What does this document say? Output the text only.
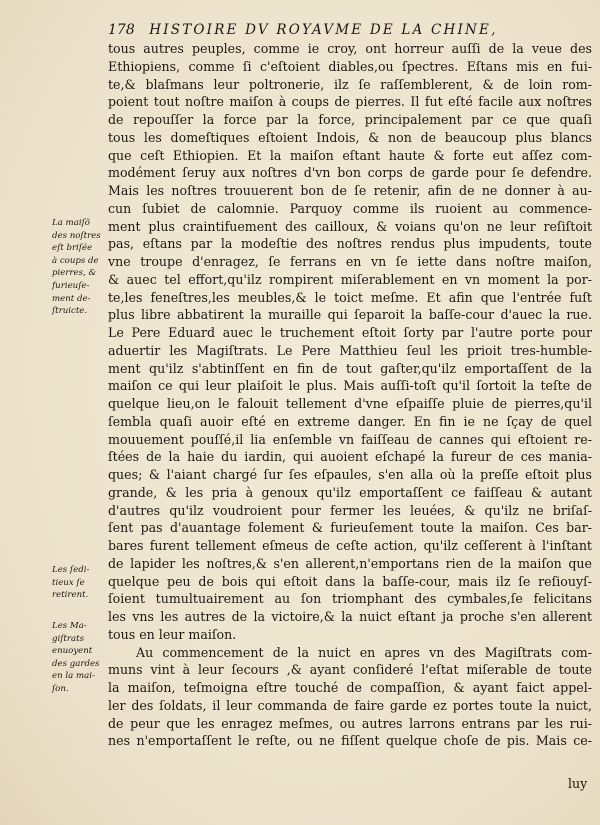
178 HISTOIRE DV ROYAVME DE LA CHINE,
tous autres peuples, comme ie croy, ont horreur auſſi de la veue des
Ethiopiens, comme ſi c'eſtoient diables,ou ſpectres. Eſtans mis en fui-
te,& blaſmans leur poltronerie, ilz ſe raſſemblerent, & de loin rom-
poient tout noſtre maiſon à coups de pierres. Il fut eſté facile aux noſtres
de repouſſer la force par la force, principalement par ce que quaſi
tous les domeſtiques eſtoient Indois, & non de beaucoup plus blancs
que ceſt Ethiopien. Et la maiſon eſtant haute & forte eut aſſez com-
modément ſeruy aux noſtres d'vn bon corps de garde pour ſe defendre.
Mais les noſtres trouuerent bon de ſe retenir, afin de ne donner à au-
cun ſubiet de calomnie. Parquoy comme ils ruoient au commence-
ment plus craintifuement des cailloux, & voians qu'on ne leur reſiſtoit
pas, eſtans par la modeſtie des noſtres rendus plus impudents, toute
vne troupe d'enragez, ſe ferrans en vn ſe iette dans noſtre maiſon,
& auec tel effort,qu'ilz rompirent miſerablement en vn moment la por-
te,les feneſtres,les meubles,& le toict meſme. Et afin que l'entrée fuſt
plus libre abbatirent la muraille qui ſeparoit la baſſe-cour d'auec la rue.
Le Pere Eduard auec le truchement eſtoit ſorty par l'autre porte pour
aduertir les Magiſtrats. Le Pere Matthieu ſeul les prioit tres-humble-
ment qu'ilz s'abtinſſent en fin de tout gaſter,qu'ilz emportaſſent de la
maiſon ce qui leur plaiſoit le plus. Mais auſſi-toſt qu'il ſortoit la teſte de
quelque lieu,on le falouit tellement d'vne eſpaiſſe pluie de pierres,qu'il
ſembla quaſi auoir eſté en extreme danger. En fin ie ne ſçay de quel
mouuement pouſſé,il lia enſemble vn faiſſeau de cannes qui eſtoient re-
ſtées de la haie du iardin, qui auoient eſchapé la fureur de ces mania-
ques; & l'aiant chargé ſur ſes eſpaules, s'en alla où la preſſe eſtoit plus
grande, & les pria à genoux qu'ilz emportaſſent ce faiſſeau & autant
d'autres qu'ilz voudroient pour fermer les leuées, & qu'ilz ne briſaſ-
ſent pas d'auantage folement & furieuſement toute la maiſon. Ces bar-
bares furent tellement eſmeus de ceſte action, qu'ilz ceſſerent à l'inſtant
de lapider les noſtres,& s'en allerent,n'emportans rien de la maiſon que
quelque peu de bois qui eſtoit dans la baſſe-cour, mais ilz ſe reſiouyſ-
ſoient tumultuairement au ſon triomphant des cymbales,ſe felicitans
les vns les autres de la victoire,& la nuict eſtant ja proche s'en allerent
tous en leur maiſon.
Au commencement de la nuict en apres vn des Magiſtrats com-
muns vint à leur ſecours ,& ayant conſideré l'eſtat miſerable de toute
la maiſon, teſmoigna eſtre touché de compaſſion, & ayant faict appel-
ler des ſoldats, il leur commanda de faire garde ez portes toute la nuict,
de peur que les enragez meſmes, ou autres larrons entrans par les rui-
nes n'emportaſſent le reſte, ou ne fiſſent quelque choſe de pis. Mais ce-
La maiſõ
des noſtres
eſt briſée
à coups de
pierres, &
furieuſe-
ment de-
ſtruicte.
Les ſedi-
tieux ſe
retirent.
Les Ma-
giſtrats
enuoyent
des gardes
en la mai-
ſon.
luy
